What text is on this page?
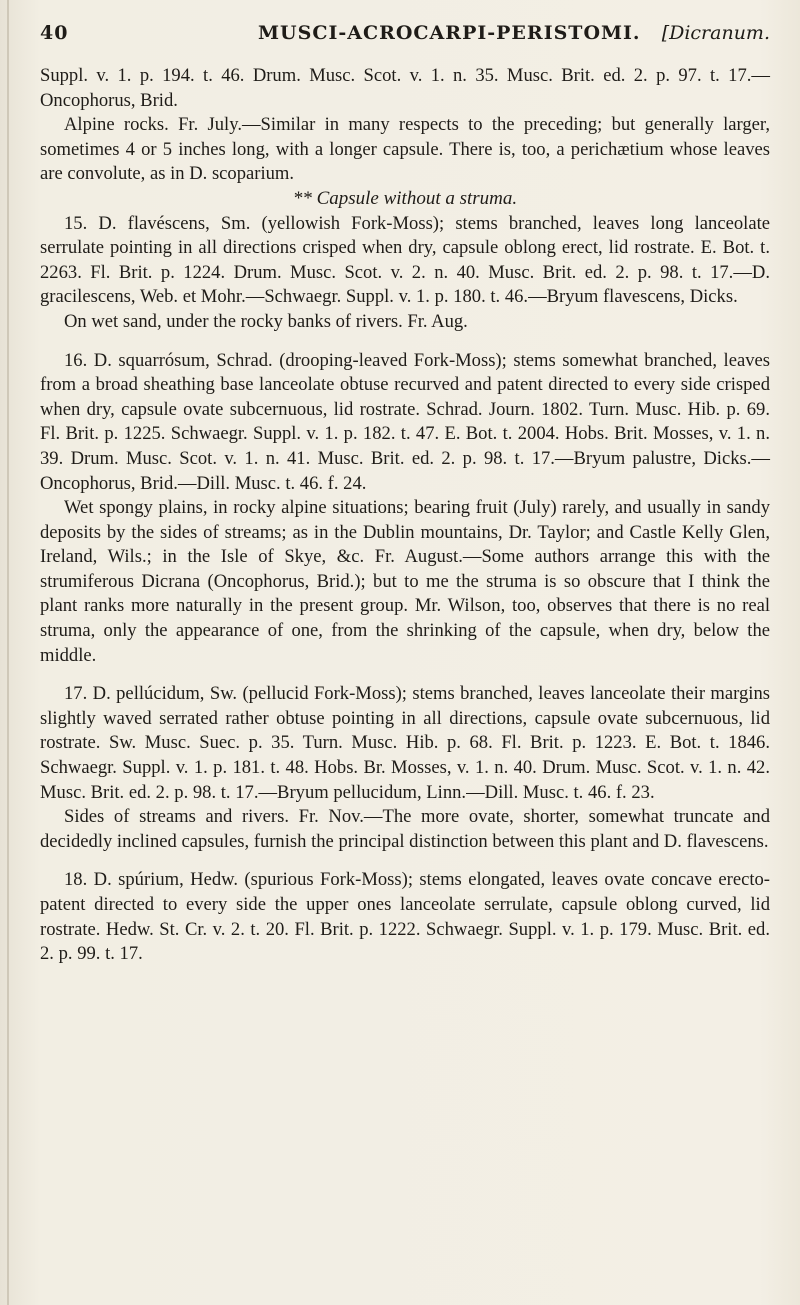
40	MUSCI-ACROCARPI-PERISTOMI. [Dicranum.

Suppl. v. 1. p. 194. t. 46. Drum. Musc. Scot. v. 1. n. 35. Musc. Brit. ed. 2. p. 97. t. 17.—Oncophorus, Brid.

Alpine rocks. Fr. July.—Similar in many respects to the preceding; but generally larger, sometimes 4 or 5 inches long, with a longer capsule. There is, too, a perichætium whose leaves are convolute, as in D. scoparium.

** Capsule without a struma.

15. D. flavéscens, Sm. (yellowish Fork-Moss); stems branched, leaves long lanceolate serrulate pointing in all directions crisped when dry, capsule oblong erect, lid rostrate. E. Bot. t. 2263. Fl. Brit. p. 1224. Drum. Musc. Scot. v. 2. n. 40. Musc. Brit. ed. 2. p. 98. t. 17.—D. gracilescens, Web. et Mohr.—Schwaegr. Suppl. v. 1. p. 180. t. 46.—Bryum flavescens, Dicks.

On wet sand, under the rocky banks of rivers. Fr. Aug.

16. D. squarrósum, Schrad. (drooping-leaved Fork-Moss); stems somewhat branched, leaves from a broad sheathing base lanceolate obtuse recurved and patent directed to every side crisped when dry, capsule ovate subcernuous, lid rostrate. Schrad. Journ. 1802. Turn. Musc. Hib. p. 69. Fl. Brit. p. 1225. Schwaegr. Suppl. v. 1. p. 182. t. 47. E. Bot. t. 2004. Hobs. Brit. Mosses, v. 1. n. 39. Drum. Musc. Scot. v. 1. n. 41. Musc. Brit. ed. 2. p. 98. t. 17.—Bryum palustre, Dicks.—Oncophorus, Brid.—Dill. Musc. t. 46. f. 24.

Wet spongy plains, in rocky alpine situations; bearing fruit (July) rarely, and usually in sandy deposits by the sides of streams; as in the Dublin mountains, Dr. Taylor; and Castle Kelly Glen, Ireland, Wils.; in the Isle of Skye, &c. Fr. August.—Some authors arrange this with the strumiferous Dicrana (Oncophorus, Brid.); but to me the struma is so obscure that I think the plant ranks more naturally in the present group. Mr. Wilson, too, observes that there is no real struma, only the appearance of one, from the shrinking of the capsule, when dry, below the middle.

17. D. pellúcidum, Sw. (pellucid Fork-Moss); stems branched, leaves lanceolate their margins slightly waved serrated rather obtuse pointing in all directions, capsule ovate subcernuous, lid rostrate. Sw. Musc. Suec. p. 35. Turn. Musc. Hib. p. 68. Fl. Brit. p. 1223. E. Bot. t. 1846. Schwaegr. Suppl. v. 1. p. 181. t. 48. Hobs. Br. Mosses, v. 1. n. 40. Drum. Musc. Scot. v. 1. n. 42. Musc. Brit. ed. 2. p. 98. t. 17.—Bryum pellucidum, Linn.—Dill. Musc. t. 46. f. 23.

Sides of streams and rivers. Fr. Nov.—The more ovate, shorter, somewhat truncate and decidedly inclined capsules, furnish the principal distinction between this plant and D. flavescens.

18. D. spúrium, Hedw. (spurious Fork-Moss); stems elongated, leaves ovate concave erecto-patent directed to every side the upper ones lanceolate serrulate, capsule oblong curved, lid rostrate. Hedw. St. Cr. v. 2. t. 20. Fl. Brit. p. 1222. Schwaegr. Suppl. v. 1. p. 179. Musc. Brit. ed. 2. p. 99. t. 17.
